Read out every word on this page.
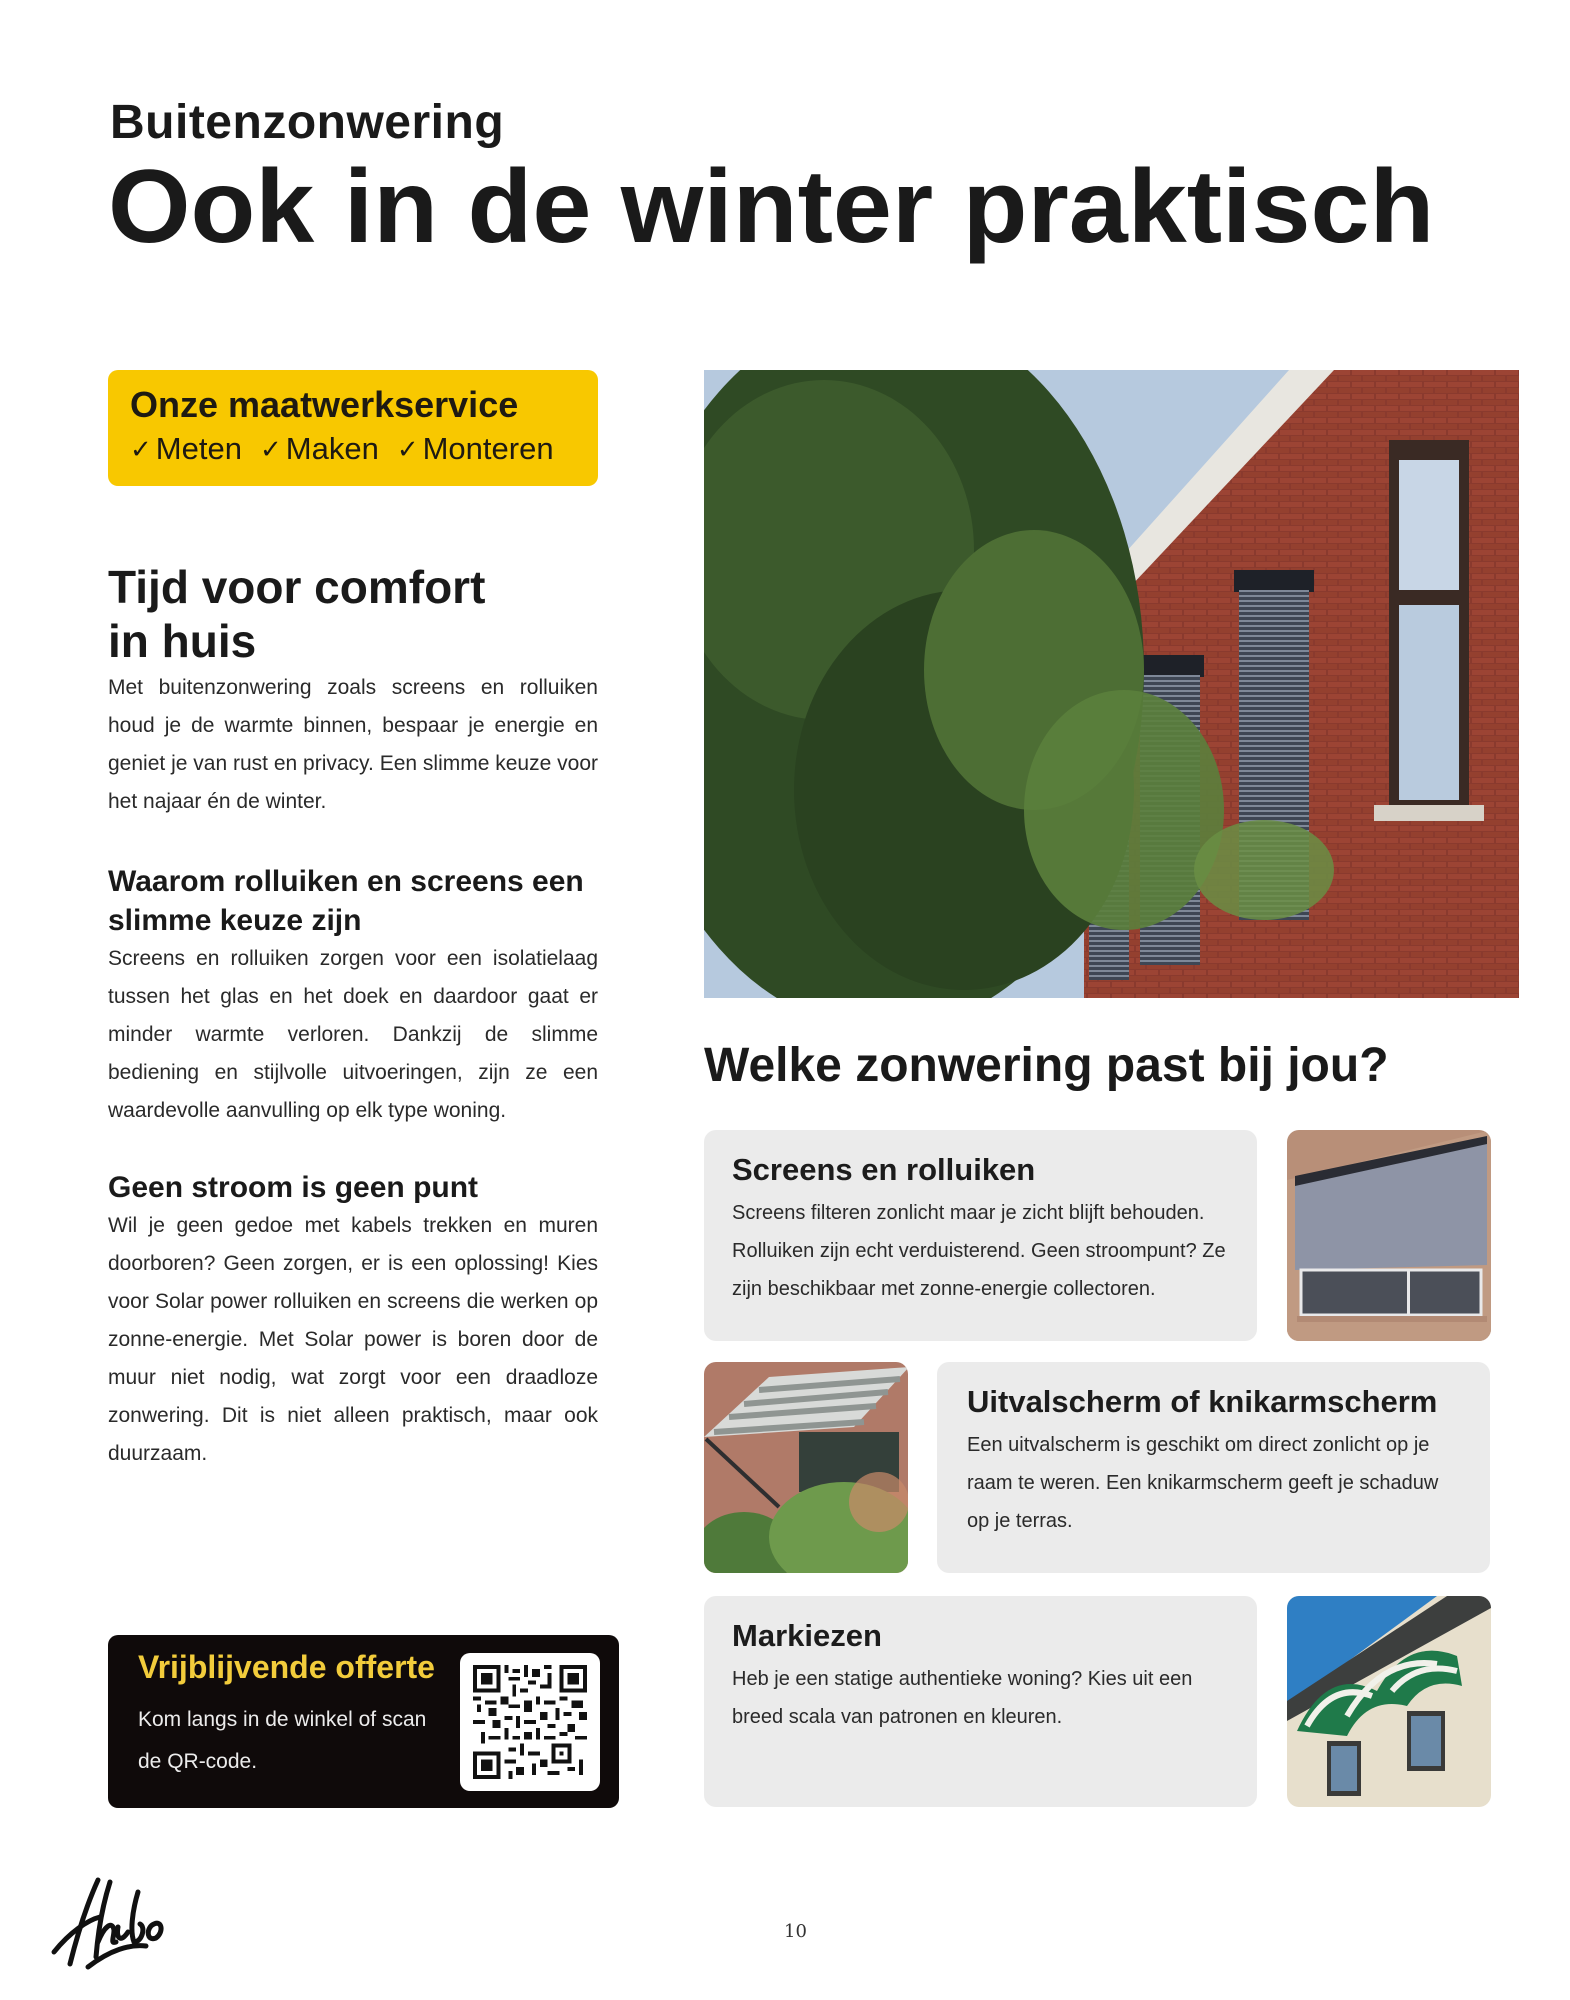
Buitenzonwering
Ook in de winter praktisch
Onze maatwerkservice
✓ Meten ✓ Maken ✓ Monteren
Tijd voor comfort
in huis

Met buitenzonwering zoals screens en rolluiken houd je de warmte binnen, bespaar je energie en geniet je van rust en privacy. Een slimme keuze voor het najaar én de winter.

Waarom rolluiken en screens een slimme keuze zijn

Screens en rolluiken zorgen voor een isolatielaag tussen het glas en het doek en daardoor gaat er minder warmte verloren. Dankzij de slimme bediening en stijlvolle uitvoeringen, zijn ze een waardevolle aanvulling op elk type woning.

Geen stroom is geen punt

Wil je geen gedoe met kabels trekken en muren doorboren? Geen zorgen, er is een oplossing! Kies voor Solar power rolluiken en screens die werken op zonne-energie. Met Solar power is boren door de muur niet nodig, wat zorgt voor een draadloze zonwering. Dit is niet alleen praktisch, maar ook duurzaam.

Vrijblijvende offerte
Kom langs in de winkel of scan de QR-code.
Welke zonwering past bij jou?
Screens en rolluiken
Screens filteren zonlicht maar je zicht blijft behouden. Rolluiken zijn echt verduisterend. Geen stroompunt? Ze zijn beschikbaar met zonne-energie collectoren.
Uitvalscherm of knikarmscherm
Een uitvalscherm is geschikt om direct zonlicht op je raam te weren. Een knikarmscherm geeft je schaduw op je terras.
Markiezen
Heb je een statige authentieke woning? Kies uit een breed scala van patronen en kleuren.
10
